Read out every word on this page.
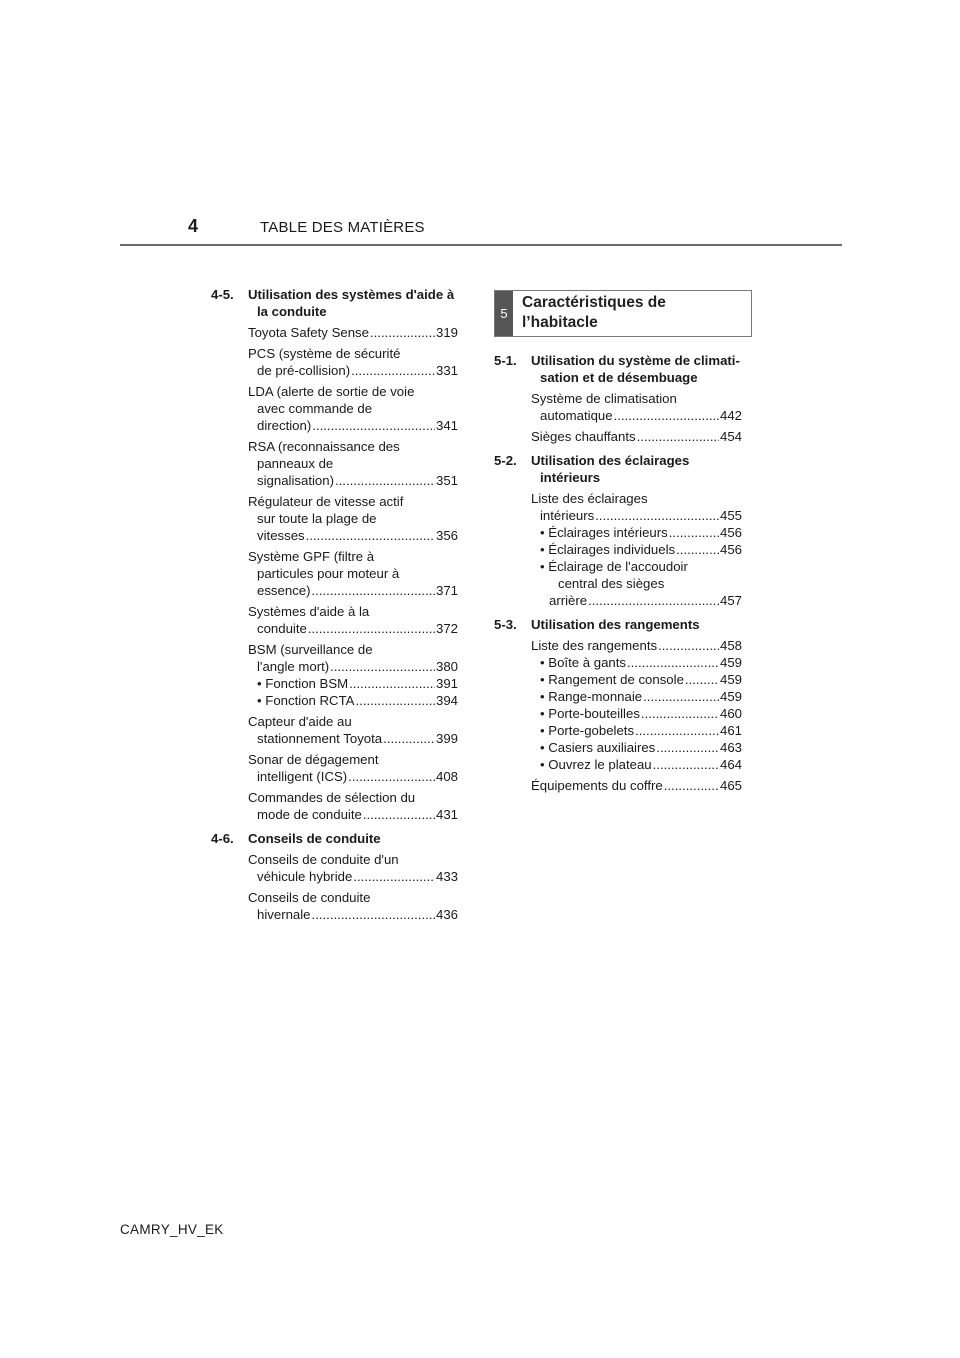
4	TABLE DES MATIÈRES
4-5.	Utilisation des systèmes d'aide à la conduite
Toyota Safety Sense .....	319
PCS (système de sécurité
de pré-collision) .....	331
LDA (alerte de sortie de voie
avec commande de
direction) .....	341
RSA (reconnaissance des
panneaux de
signalisation) .....	351
Régulateur de vitesse actif
sur toute la plage de
vitesses .....	356
Système GPF (filtre à
particules pour moteur à
essence) .....	371
Systèmes d'aide à la
conduite .....	372
BSM (surveillance de
l'angle mort) .....	380
• Fonction BSM .....	391
• Fonction RCTA .....	394
Capteur d'aide au
stationnement Toyota .....	399
Sonar de dégagement
intelligent (ICS) .....	408
Commandes de sélection du
mode de conduite .....	431
4-6.	Conseils de conduite
Conseils de conduite d'un
véhicule hybride .....	433
Conseils de conduite
hivernale .....	436
5
Caractéristiques de
l’habitacle
5-1.	Utilisation du système de climati-sation et de désembuage
Système de climatisation
automatique .....	442
Sièges chauffants .....	454
5-2.	Utilisation des éclairages intérieurs
Liste des éclairages
intérieurs .....	455
• Éclairages intérieurs .....	456
• Éclairages individuels .....	456
• Éclairage de l'accoudoir
central des sièges
arrière .....	457
5-3.	Utilisation des rangements
Liste des rangements .....	458
• Boîte à gants .....	459
• Rangement de console .....	459
• Range-monnaie .....	459
• Porte-bouteilles .....	460
• Porte-gobelets .....	461
• Casiers auxiliaires .....	463
• Ouvrez le plateau .....	464
Équipements du coffre .....	465
CAMRY_HV_EK
